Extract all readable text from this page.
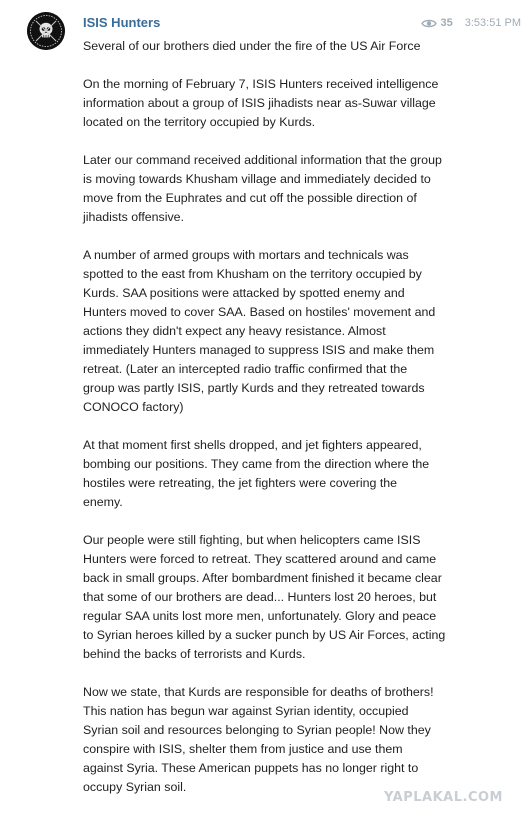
ISIS Hunters	35 3:53:51 PM

Several of our brothers died under the fire of the US Air Force

On the morning of February 7, ISIS Hunters received intelligence
information about a group of ISIS jihadists near as-Suwar village
located on the territory occupied by Kurds.

Later our command received additional information that the group
is moving towards Khusham village and immediately decided to
move from the Euphrates and cut off the possible direction of
jihadists offensive.

A number of armed groups with mortars and technicals was
spotted to the east from Khusham on the territory occupied by
Kurds. SAA positions were attacked by spotted enemy and
Hunters moved to cover SAA. Based on hostiles' movement and
actions they didn't expect any heavy resistance. Almost
immediately Hunters managed to suppress ISIS and make them
retreat. (Later an intercepted radio traffic confirmed that the
group was partly ISIS, partly Kurds and they retreated towards
CONOCO factory)

At that moment first shells dropped, and jet fighters appeared,
bombing our positions. They came from the direction where the
hostiles were retreating, the jet fighters were covering the
enemy.

Our people were still fighting, but when helicopters came ISIS
Hunters were forced to retreat. They scattered around and came
back in small groups. After bombardment finished it became clear
that some of our brothers are dead... Hunters lost 20 heroes, but
regular SAA units lost more men, unfortunately. Glory and peace
to Syrian heroes killed by a sucker punch by US Air Forces, acting
behind the backs of terrorists and Kurds.

Now we state, that Kurds are responsible for deaths of brothers!
This nation has begun war against Syrian identity, occupied
Syrian soil and resources belonging to Syrian people! Now they
conspire with ISIS, shelter them from justice and use them
against Syria. These American puppets has no longer right to
occupy Syrian soil.

YAPLAKAL.COM
